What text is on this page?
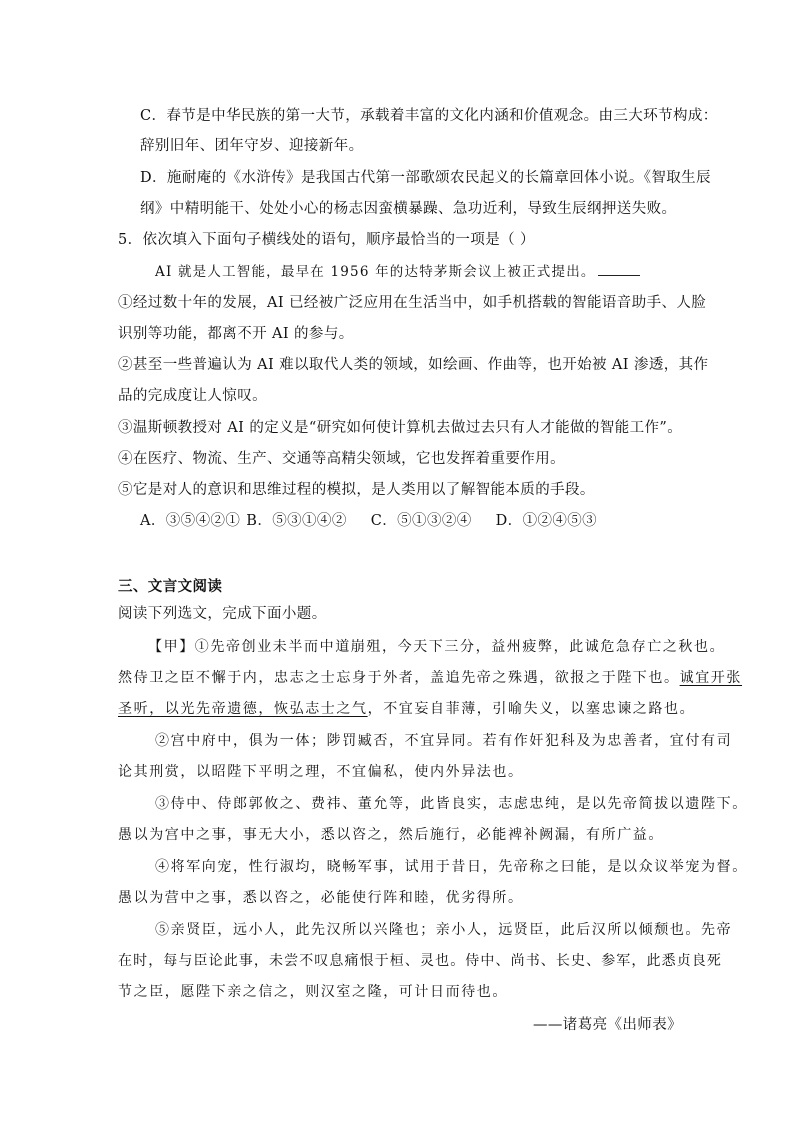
C．春节是中华民族的第一大节，承载着丰富的文化内涵和价值观念。由三大环节构成：
辞别旧年、团年守岁、迎接新年。
D．施耐庵的《水浒传》是我国古代第一部歌颂农民起义的长篇章回体小说。《智取生辰
纲》中精明能干、处处小心的杨志因蛮横暴躁、急功近利，导致生辰纲押送失败。
5．依次填入下面句子横线处的语句，顺序最恰当的一项是（ ）
AI 就是人工智能，最早在 1956 年的达特茅斯会议上被正式提出。
①经过数十年的发展，AI 已经被广泛应用在生活当中，如手机搭载的智能语音助手、人脸
识别等功能，都离不开 AI 的参与。
②甚至一些普遍认为 AI 难以取代人类的领域，如绘画、作曲等，也开始被 AI 渗透，其作
品的完成度让人惊叹。
③温斯顿教授对 AI 的定义是“研究如何使计算机去做过去只有人才能做的智能工作”。
④在医疗、物流、生产、交通等高精尖领域，它也发挥着重要作用。
⑤它是对人的意识和思维过程的模拟，是人类用以了解智能本质的手段。
A．③⑤④②① B．⑤③①④② C．⑤①③②④ D．①②④⑤③
三、文言文阅读
阅读下列选文，完成下面小题。
【甲】①先帝创业未半而中道崩殂，今天下三分，益州疲弊，此诚危急存亡之秋也。
然侍卫之臣不懈于内，忠志之士忘身于外者，盖追先帝之殊遇，欲报之于陛下也。诚宜开张
圣听，以光先帝遗德，恢弘志士之气，不宜妄自菲薄，引喻失义，以塞忠谏之路也。
②宫中府中，俱为一体；陟罚臧否，不宜异同。若有作奸犯科及为忠善者，宜付有司
论其刑赏，以昭陛下平明之理，不宜偏私，使内外异法也。
③侍中、侍郎郭攸之、费祎、董允等，此皆良实，志虑忠纯，是以先帝简拔以遗陛下。
愚以为宫中之事，事无大小，悉以咨之，然后施行，必能裨补阙漏，有所广益。
④将军向宠，性行淑均，晓畅军事，试用于昔日，先帝称之曰能，是以众议举宠为督。
愚以为营中之事，悉以咨之，必能使行阵和睦，优劣得所。
⑤亲贤臣，远小人，此先汉所以兴隆也；亲小人，远贤臣，此后汉所以倾颓也。先帝
在时，每与臣论此事，未尝不叹息痛恨于桓、灵也。侍中、尚书、长史、参军，此悉贞良死
节之臣，愿陛下亲之信之，则汉室之隆，可计日而待也。
——诸葛亮《出师表》
